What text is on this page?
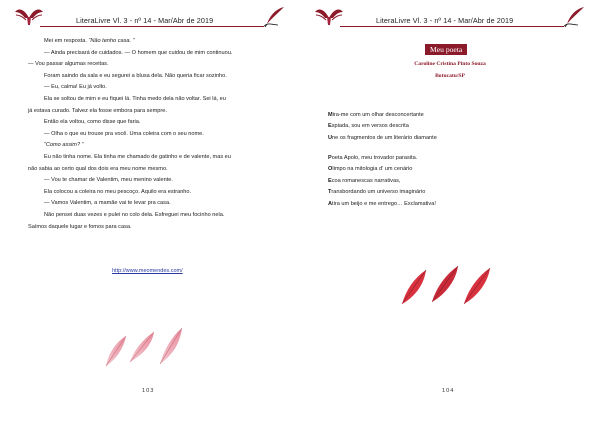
LiteraLivre Vl. 3 - nº 14 - Mar/Abr de 2019

Mei em resposta. “Não tenho casa. ”

— Ainda precisará de cuidados. — O homem que cuidou de mim continuou.

— Vou passar algumas receitas.

Foram saindo da sala e eu segurei a blusa dela. Não queria ficar sozinho.

— Eu, calma! Eu já volto.

Ela se soltou de mim e eu fiquei lá. Tinha medo dela não voltar. Sei lá, eu

já estava curado. Talvez ela fosse embora para sempre.

Então ela voltou, como disse que faria.

— Olha o que eu trouxe pra você. Uma coleira com o seu nome.

“Como assim? ”

Eu não tinha nome. Ela tinha me chamado de gatinho e de valente, mas eu

não sabia ao certo qual dos dois era meu nome mesmo.

— Vou te chamar de Valentim, meu menino valente.

Ela colocou a coleira no meu pescoço. Aquilo era estranho.

— Vamos Valentim, a mamãe vai te levar pra casa.

Não pensei duas vezes e pulei no colo dela. Esfreguei meu focinho nela.

Saímos daquele lugar e fomos para casa.

http://www.meomendes.com/
103
LiteraLivre Vl. 3 - nº 14 - Mar/Abr de 2019
Meu poeta
Caroline Cristina Pinto Souza
Botucatu/SP

Mira-me com um olhar desconcertante

Espiada, sou em versos descrita

Une os fragmentos de um literário diamante

Poeta Apolo, meu trovador parasita.

Olimpo na mitologia d' um cenário

Ecoa romanescas narrativas,

Transbordando um universo imaginário

Atira um beijo e me entrego… Exclamativa!

104
